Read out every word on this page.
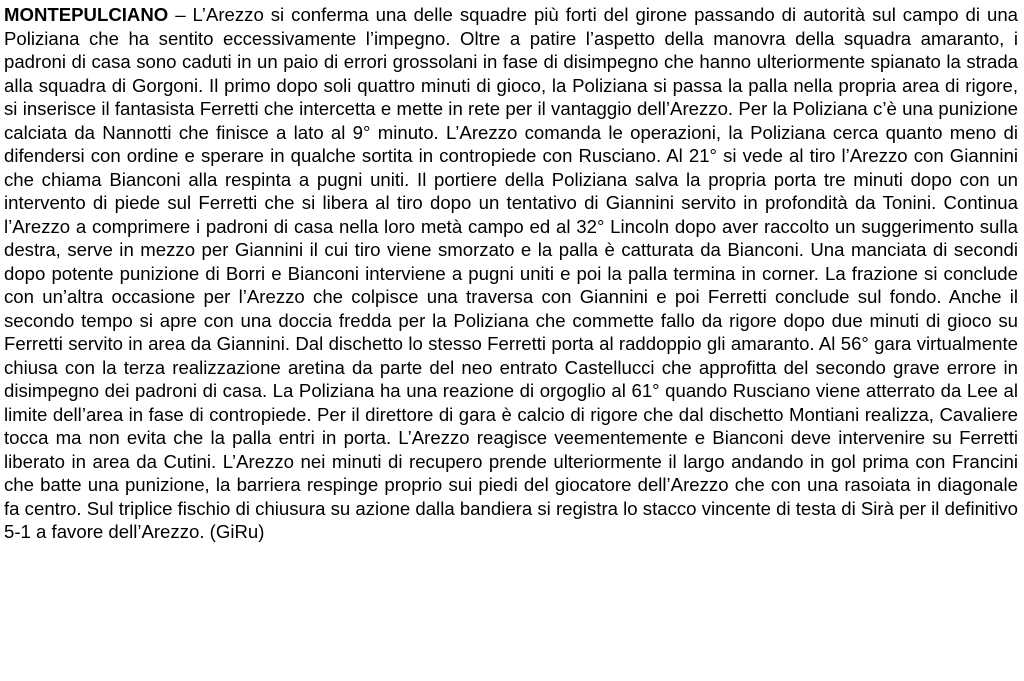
MONTEPULCIANO – L’Arezzo si conferma una delle squadre più forti del girone passando di autorità sul campo di una Poliziana che ha sentito eccessivamente l’impegno. Oltre a patire l’aspetto della manovra della squadra amaranto, i padroni di casa sono caduti in un paio di errori grossolani in fase di disimpegno che hanno ulteriormente spianato la strada alla squadra di Gorgoni. Il primo dopo soli quattro minuti di gioco, la Poliziana si passa la palla nella propria area di rigore, si inserisce il fantasista Ferretti che intercetta e mette in rete per il vantaggio dell’Arezzo. Per la Poliziana c’è una punizione calciata da Nannotti che finisce a lato al 9° minuto. L’Arezzo comanda le operazioni, la Poliziana cerca quanto meno di difendersi con ordine e sperare in qualche sortita in contropiede con Rusciano. Al 21° si vede al tiro l’Arezzo con Giannini che chiama Bianconi alla respinta a pugni uniti. Il portiere della Poliziana salva la propria porta tre minuti dopo con un intervento di piede sul Ferretti che si libera al tiro dopo un tentativo di Giannini servito in profondità da Tonini. Continua l’Arezzo a comprimere i padroni di casa nella loro metà campo ed al 32° Lincoln dopo aver raccolto un suggerimento sulla destra, serve in mezzo per Giannini il cui tiro viene smorzato e la palla è catturata da Bianconi. Una manciata di secondi dopo potente punizione di Borri e Bianconi interviene a pugni uniti e poi la palla termina in corner. La frazione si conclude con un’altra occasione per l’Arezzo che colpisce una traversa con Giannini e poi Ferretti conclude sul fondo. Anche il secondo tempo si apre con una doccia fredda per la Poliziana che commette fallo da rigore dopo due minuti di gioco su Ferretti servito in area da Giannini. Dal dischetto lo stesso Ferretti porta al raddoppio gli amaranto. Al 56° gara virtualmente chiusa con la terza realizzazione aretina da parte del neo entrato Castellucci che approfitta del secondo grave errore in disimpegno dei padroni di casa. La Poliziana ha una reazione di orgoglio al 61° quando Rusciano viene atterrato da Lee al limite dell’area in fase di contropiede. Per il direttore di gara è calcio di rigore che dal dischetto Montiani realizza, Cavaliere tocca ma non evita che la palla entri in porta. L’Arezzo reagisce veementemente e Bianconi deve intervenire su Ferretti liberato in area da Cutini. L’Arezzo nei minuti di recupero prende ulteriormente il largo andando in gol prima con Francini che batte una punizione, la barriera respinge proprio sui piedi del giocatore dell’Arezzo che con una rasoiata in diagonale fa centro. Sul triplice fischio di chiusura su azione dalla bandiera si registra lo stacco vincente di testa di Sirà per il definitivo 5-1 a favore dell’Arezzo. (GiRu)
